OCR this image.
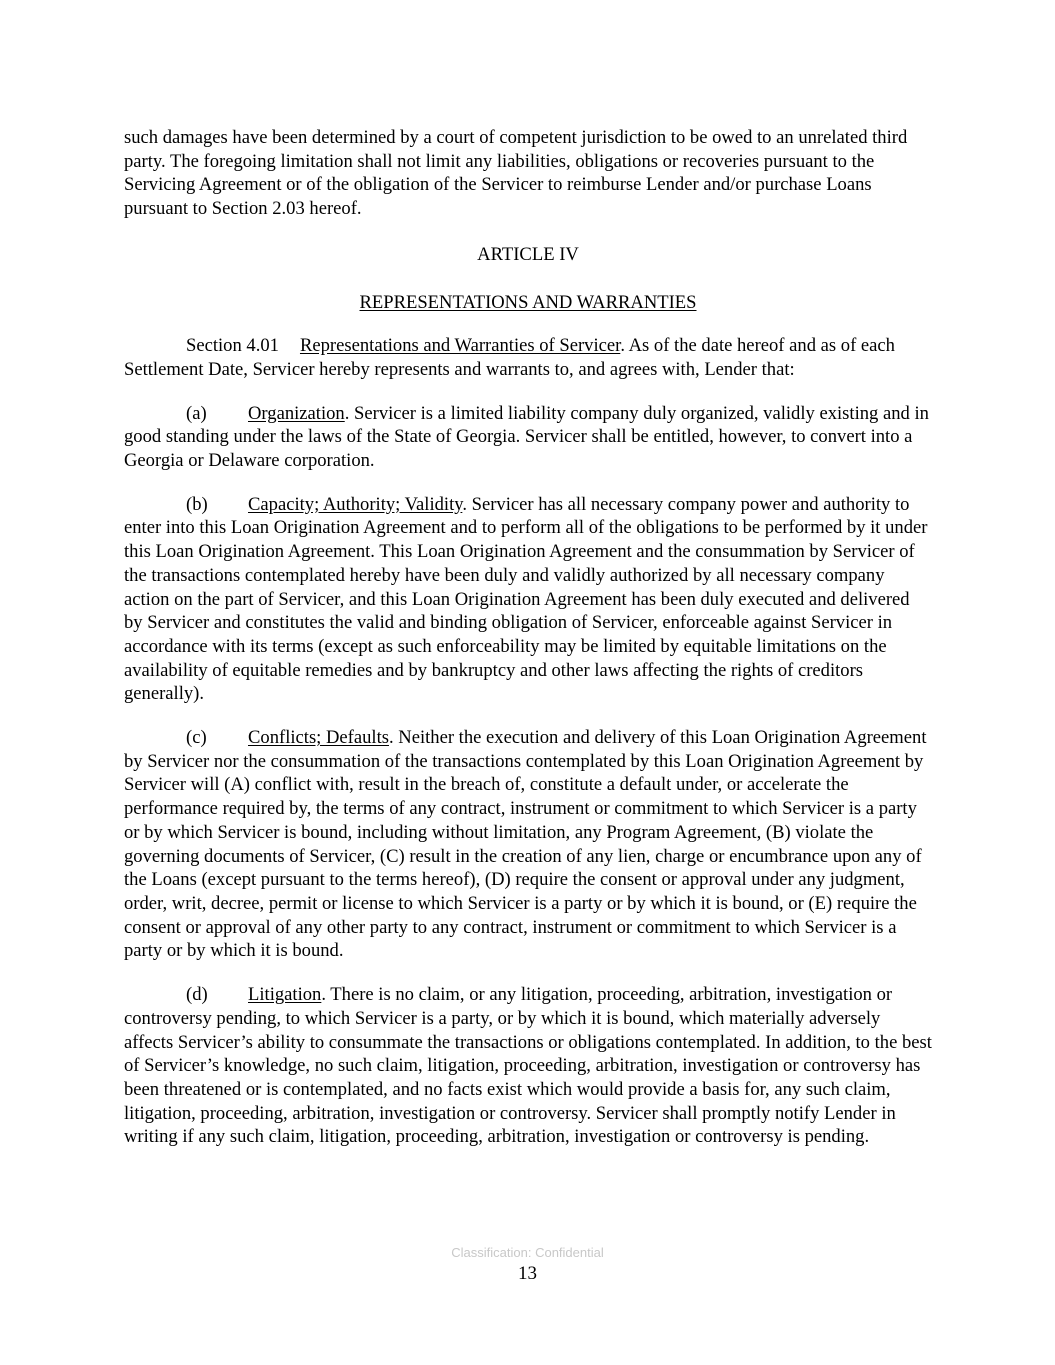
such damages have been determined by a court of competent jurisdiction to be owed to an unrelated third party. The foregoing limitation shall not limit any liabilities, obligations or recoveries pursuant to the Servicing Agreement or of the obligation of the Servicer to reimburse Lender and/or purchase Loans pursuant to Section 2.03 hereof.

ARTICLE IV

REPRESENTATIONS AND WARRANTIES

Section 4.01 Representations and Warranties of Servicer. As of the date hereof and as of each Settlement Date, Servicer hereby represents and warrants to, and agrees with, Lender that:

(a) Organization. Servicer is a limited liability company duly organized, validly existing and in good standing under the laws of the State of Georgia. Servicer shall be entitled, however, to convert into a Georgia or Delaware corporation.

(b) Capacity; Authority; Validity. Servicer has all necessary company power and authority to enter into this Loan Origination Agreement and to perform all of the obligations to be performed by it under this Loan Origination Agreement. This Loan Origination Agreement and the consummation by Servicer of the transactions contemplated hereby have been duly and validly authorized by all necessary company action on the part of Servicer, and this Loan Origination Agreement has been duly executed and delivered by Servicer and constitutes the valid and binding obligation of Servicer, enforceable against Servicer in accordance with its terms (except as such enforceability may be limited by equitable limitations on the availability of equitable remedies and by bankruptcy and other laws affecting the rights of creditors generally).

(c) Conflicts; Defaults. Neither the execution and delivery of this Loan Origination Agreement by Servicer nor the consummation of the transactions contemplated by this Loan Origination Agreement by Servicer will (A) conflict with, result in the breach of, constitute a default under, or accelerate the performance required by, the terms of any contract, instrument or commitment to which Servicer is a party or by which Servicer is bound, including without limitation, any Program Agreement, (B) violate the governing documents of Servicer, (C) result in the creation of any lien, charge or encumbrance upon any of the Loans (except pursuant to the terms hereof), (D) require the consent or approval under any judgment, order, writ, decree, permit or license to which Servicer is a party or by which it is bound, or (E) require the consent or approval of any other party to any contract, instrument or commitment to which Servicer is a party or by which it is bound.

(d) Litigation. There is no claim, or any litigation, proceeding, arbitration, investigation or controversy pending, to which Servicer is a party, or by which it is bound, which materially adversely affects Servicer’s ability to consummate the transactions or obligations contemplated. In addition, to the best of Servicer’s knowledge, no such claim, litigation, proceeding, arbitration, investigation or controversy has been threatened or is contemplated, and no facts exist which would provide a basis for, any such claim, litigation, proceeding, arbitration, investigation or controversy. Servicer shall promptly notify Lender in writing if any such claim, litigation, proceeding, arbitration, investigation or controversy is pending.

Classification: Confidential
13
